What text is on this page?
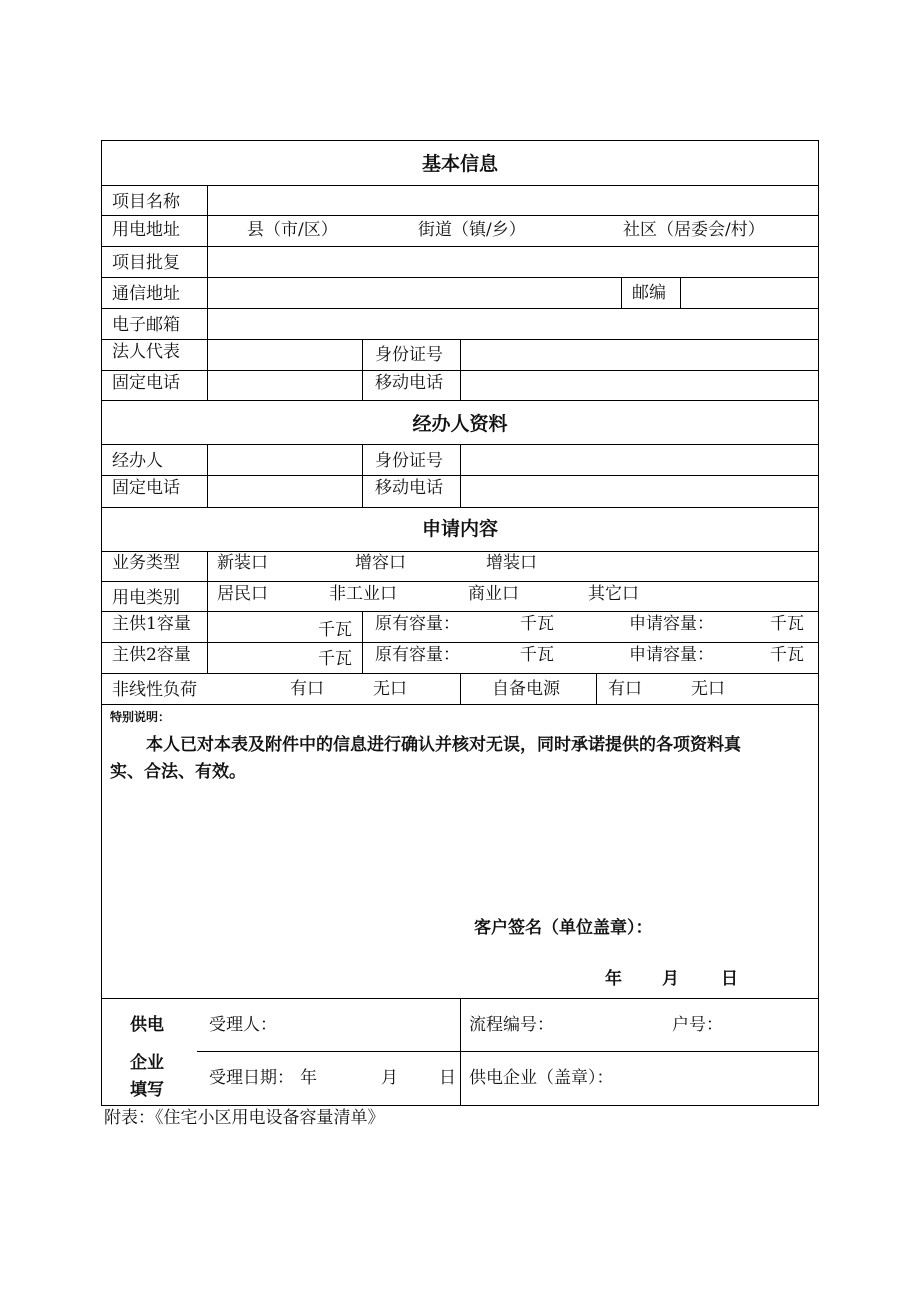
基本信息
项目名称
用电地址	县（市/区）	街道（镇/乡）	社区（居委会/村）
项目批复
通信地址	邮编
电子邮箱
法人代表	身份证号
固定电话	移动电话
经办人资料
经办人	身份证号
固定电话	移动电话
申请内容
业务类型 新装口	增容口	增装口
用电类别 居民口	非工业口	商业口	其它口
主供1容量	千瓦 原有容量：	千瓦	申请容量：	千瓦
主供2容量	千瓦 原有容量：	千瓦	申请容量：	千瓦
非线性负荷	有口	无口	自备电源	有口	无口
特别说明：
本人已对本表及附件中的信息进行确认并核对无误，同时承诺提供的各项资料真
实、合法、有效。
客户签名（单位盖章）：
年 月 日
供电
企业
填写
受理人：	流程编号：	户号：
受理日期： 年	月 日 供电企业（盖章）：
附表：《住宅小区用电设备容量清单》
